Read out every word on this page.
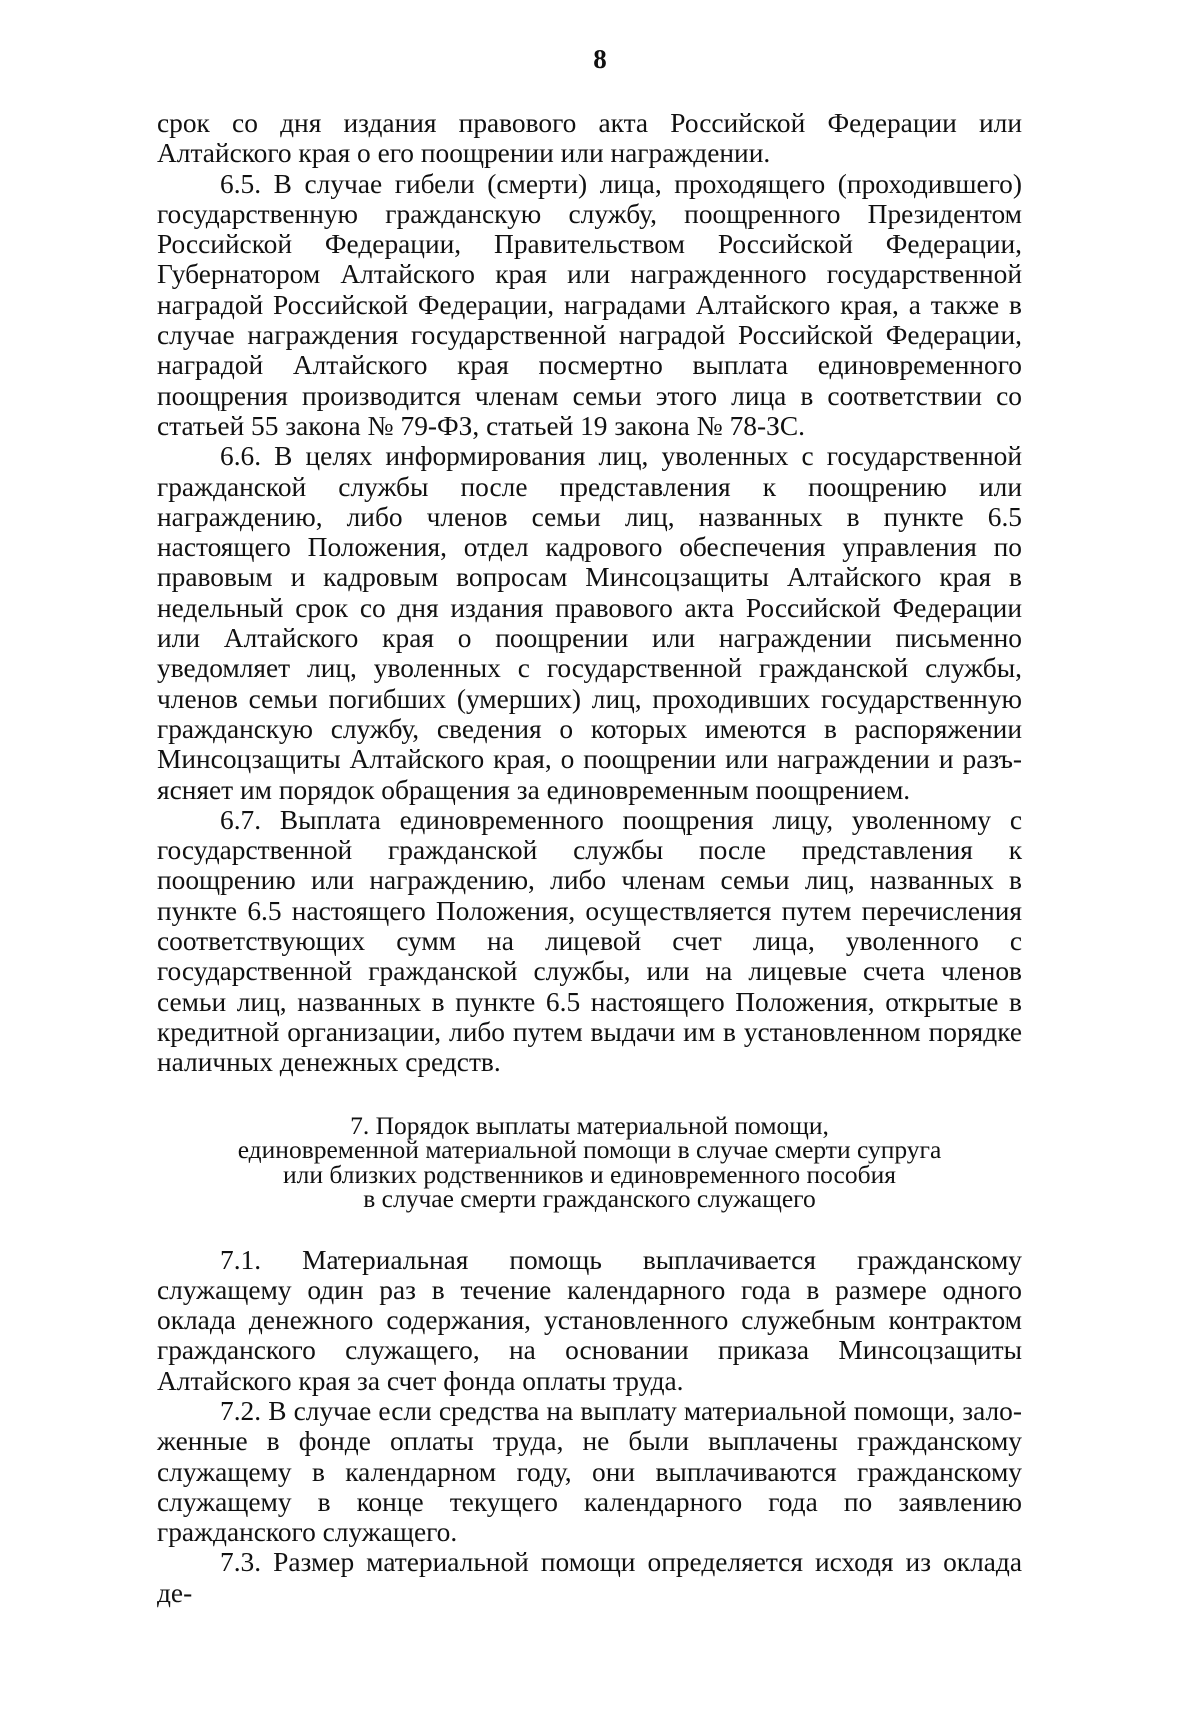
8

срок со дня издания правового акта Российской Федерации или Алтайского края о его поощрении или награждении.

6.5. В случае гибели (смерти) лица, проходящего (проходившего) государственную гражданскую службу, поощренного Президентом Российской Федерации, Правительством Российской Федерации, Губернатором Алтайского края или награжденного государственной наградой Российской Федерации, наградами Алтайского края, а также в случае награждения государственной наградой Российской Федерации, наградой Алтайского края посмертно выплата единовременного поощрения производится членам семьи этого лица в соответствии со статьей 55 закона № 79-ФЗ, статьей 19 закона № 78-ЗС.

6.6. В целях информирования лиц, уволенных с государственной гражданской службы после представления к поощрению или награждению, либо членов семьи лиц, названных в пункте 6.5 настоящего Положения, отдел кадрового обеспечения управления по правовым и кадровым вопросам Минсоцзащиты Алтайского края в недельный срок со дня издания правового акта Российской Федерации или Алтайского края о поощрении или награждении письменно уведомляет лиц, уволенных с государственной гражданской службы, членов семьи погибших (умерших) лиц, проходивших государственную гражданскую службу, сведения о которых имеются в распоряжении Минсоцзащиты Алтайского края, о поощрении или награждении и разъясняет им порядок обращения за единовременным поощрением.

6.7. Выплата единовременного поощрения лицу, уволенному с государственной гражданской службы после представления к поощрению или награждению, либо членам семьи лиц, названных в пункте 6.5 настоящего Положения, осуществляется путем перечисления соответствующих сумм на лицевой счет лица, уволенного с государственной гражданской службы, или на лицевые счета членов семьи лиц, названных в пункте 6.5 настоящего Положения, открытые в кредитной организации, либо путем выдачи им в установленном порядке наличных денежных средств.

7. Порядок выплаты материальной помощи,
единовременной материальной помощи в случае смерти супруга
или близких родственников и единовременного пособия
в случае смерти гражданского служащего

7.1. Материальная помощь выплачивается гражданскому служащему один раз в течение календарного года в размере одного оклада денежного содержания, установленного служебным контрактом гражданского служащего, на основании приказа Минсоцзащиты Алтайского края за счет фонда оплаты труда.

7.2. В случае если средства на выплату материальной помощи, заложенные в фонде оплаты труда, не были выплачены гражданскому служащему в календарном году, они выплачиваются гражданскому служащему в конце текущего календарного года по заявлению гражданского служащего.

7.3. Размер материальной помощи определяется исходя из оклада де-
